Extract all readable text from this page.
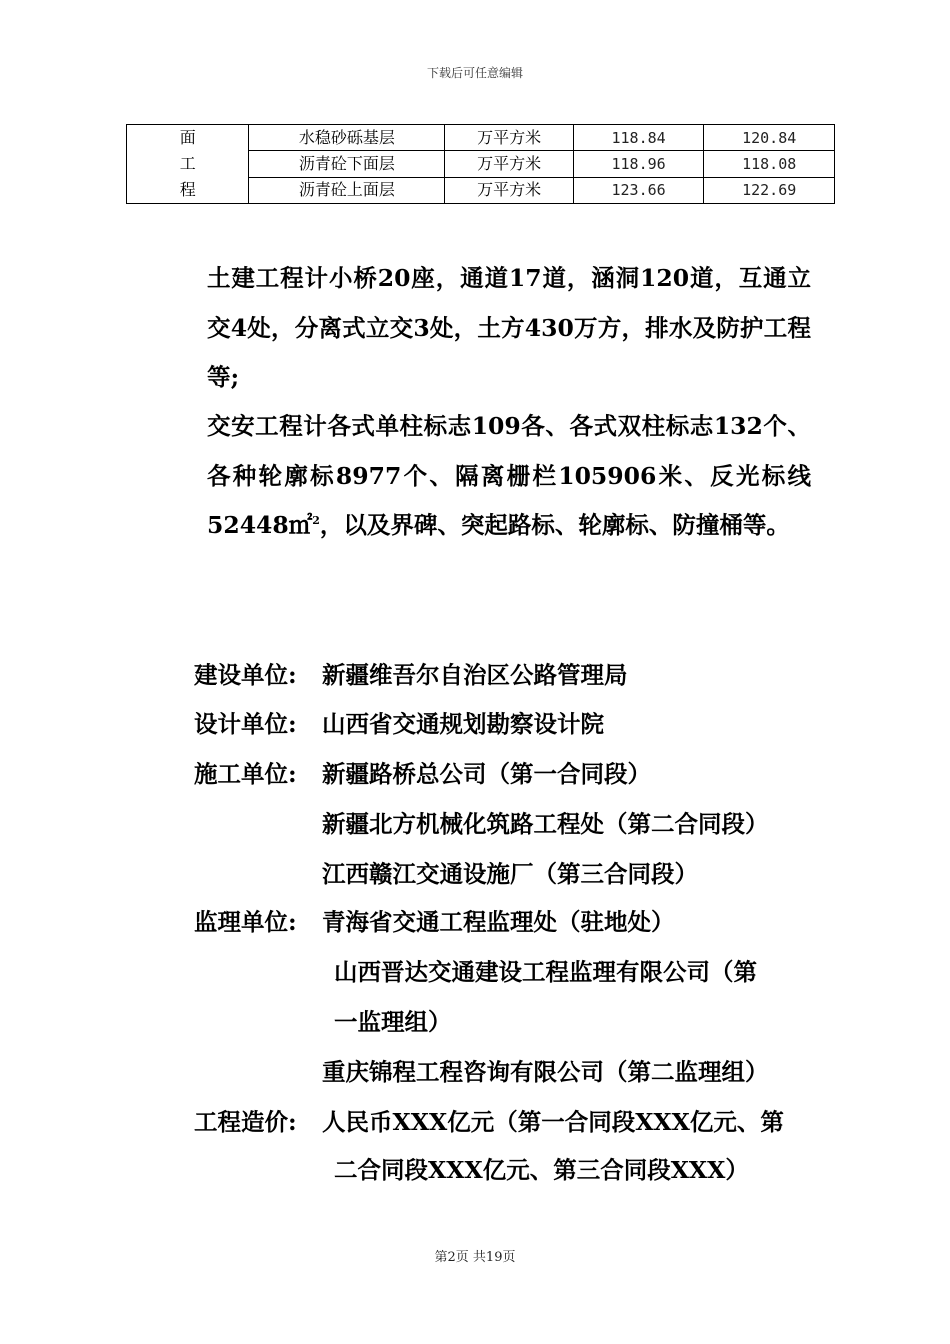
下载后可任意编辑
面
工
程	水稳砂砾基层	万平方米	118.84	120.84
	沥青砼下面层	万平方米	118.96	118.08
	沥青砼上面层	万平方米	123.66	122.69

土建工程计小桥20座，通道17道，涵洞120道，互通立交4处，分离式立交3处，土方430万方，排水及防护工程等;

交安工程计各式单柱标志109各、各式双柱标志132个、各种轮廓标8977个、隔离栅栏105906米、反光标线52448㎡$^2$，以及界碑、突起路标、轮廓标、防撞桶等。

建设单位: 新疆维吾尔自治区公路管理局
设计单位: 山西省交通规划勘察设计院
施工单位: 新疆路桥总公司（第一合同段）
新疆北方机械化筑路工程处（第二合同段）
江西赣江交通设施厂（第三合同段）
监理单位: 青海省交通工程监理处（驻地处）
山西晋达交通建设工程监理有限公司（第
一监理组）
重庆锦程工程咨询有限公司（第二监理组）
工程造价: 人民币XXX亿元（第一合同段XXX亿元、第
二合同段XXX亿元、第三合同段XXX）
第2页 共19页
